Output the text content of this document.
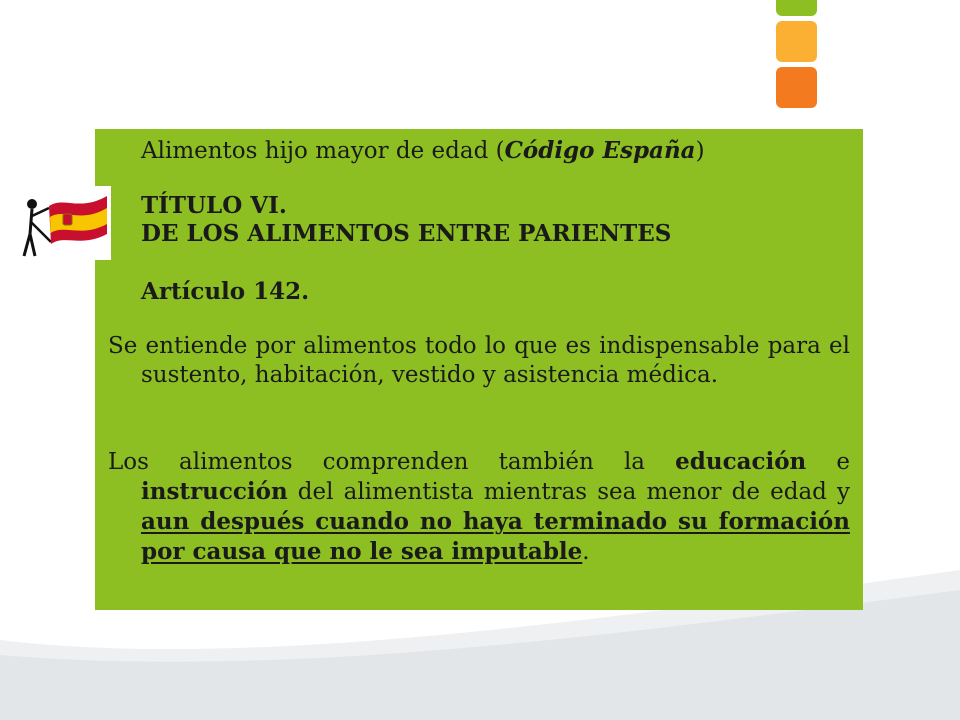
Alimentos hijo mayor de edad (Código España)
TÍTULO VI.
DE LOS ALIMENTOS ENTRE PARIENTES
Artículo 142.
Se entiende por alimentos todo lo que es indispensable para el sustento, habitación, vestido y asistencia médica.
Los alimentos comprenden también la educación e instrucción del alimentista mientras sea menor de edad y aun después cuando no haya terminado su formación por causa que no le sea imputable.
